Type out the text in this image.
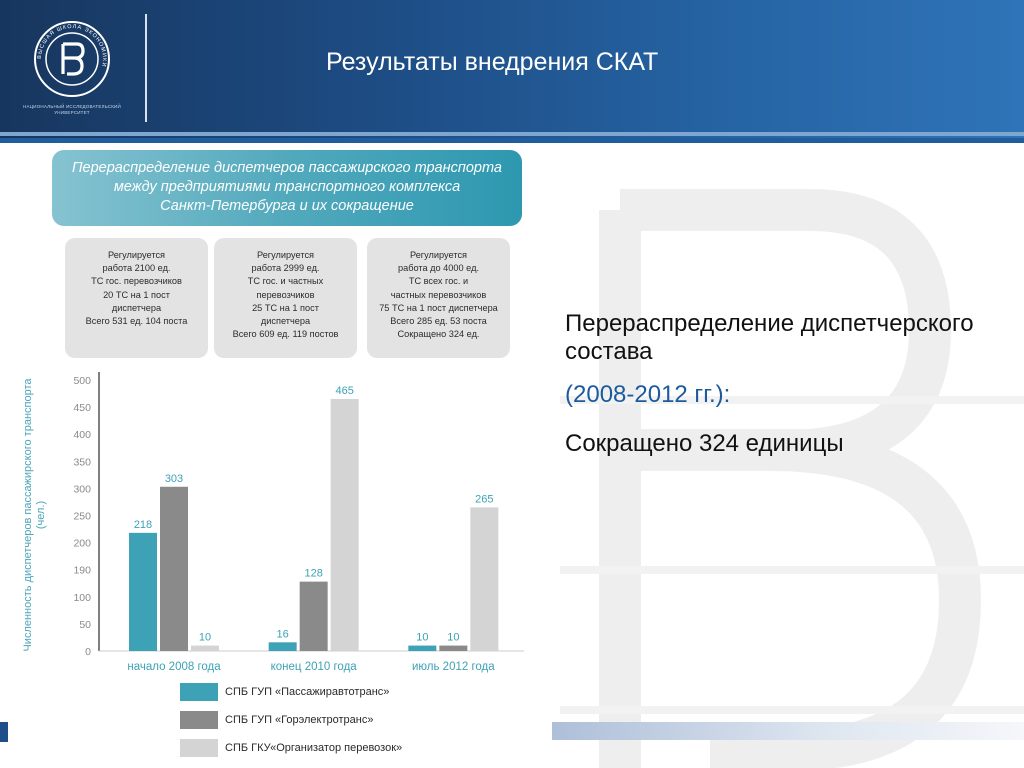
ВЫСШАЯ ШКОЛА ЭКОНОМИКИ
НАЦИОНАЛЬНЫЙ ИССЛЕДОВАТЕЛЬСКИЙ УНИВЕРСИТЕТ
Результаты внедрения СКАТ
Перераспределение диспетчеров пассажирского транспорта
между предприятиями транспортного комплекса
Санкт-Петербурга и их сокращение
Регулируется
работа 2100 ед.
ТС гос. перевозчиков
20 ТС на 1 пост
диспетчера
Всего 531 ед. 104 поста
Регулируется
работа 2999 ед.
ТС гос. и частных
перевозчиков
25 ТС на 1 пост
диспетчера
Всего 609 ед. 119 постов
Регулируется
работа до 4000 ед.
ТС всех гос. и
частных перевозчиков
75 ТС на 1 пост диспетчера
Всего 285 ед. 53 поста
Сокращено 324 ед.
0
50
100
190
200
250
300
350
400
450
500
218
303
10
начало 2008 года
16
128
465
конец 2010 года
10 10
265
июль 2012 года
Численность диспетчеров пассажирского транспорта (чел.)
СПБ ГУП «Пассажиравтотранс»
СПБ ГУП «Горэлектротранс»
СПБ ГКУ«Организатор перевозок»
Перераспределение диспетчерского состава
(2008-2012 гг.):
Сокращено 324 единицы
